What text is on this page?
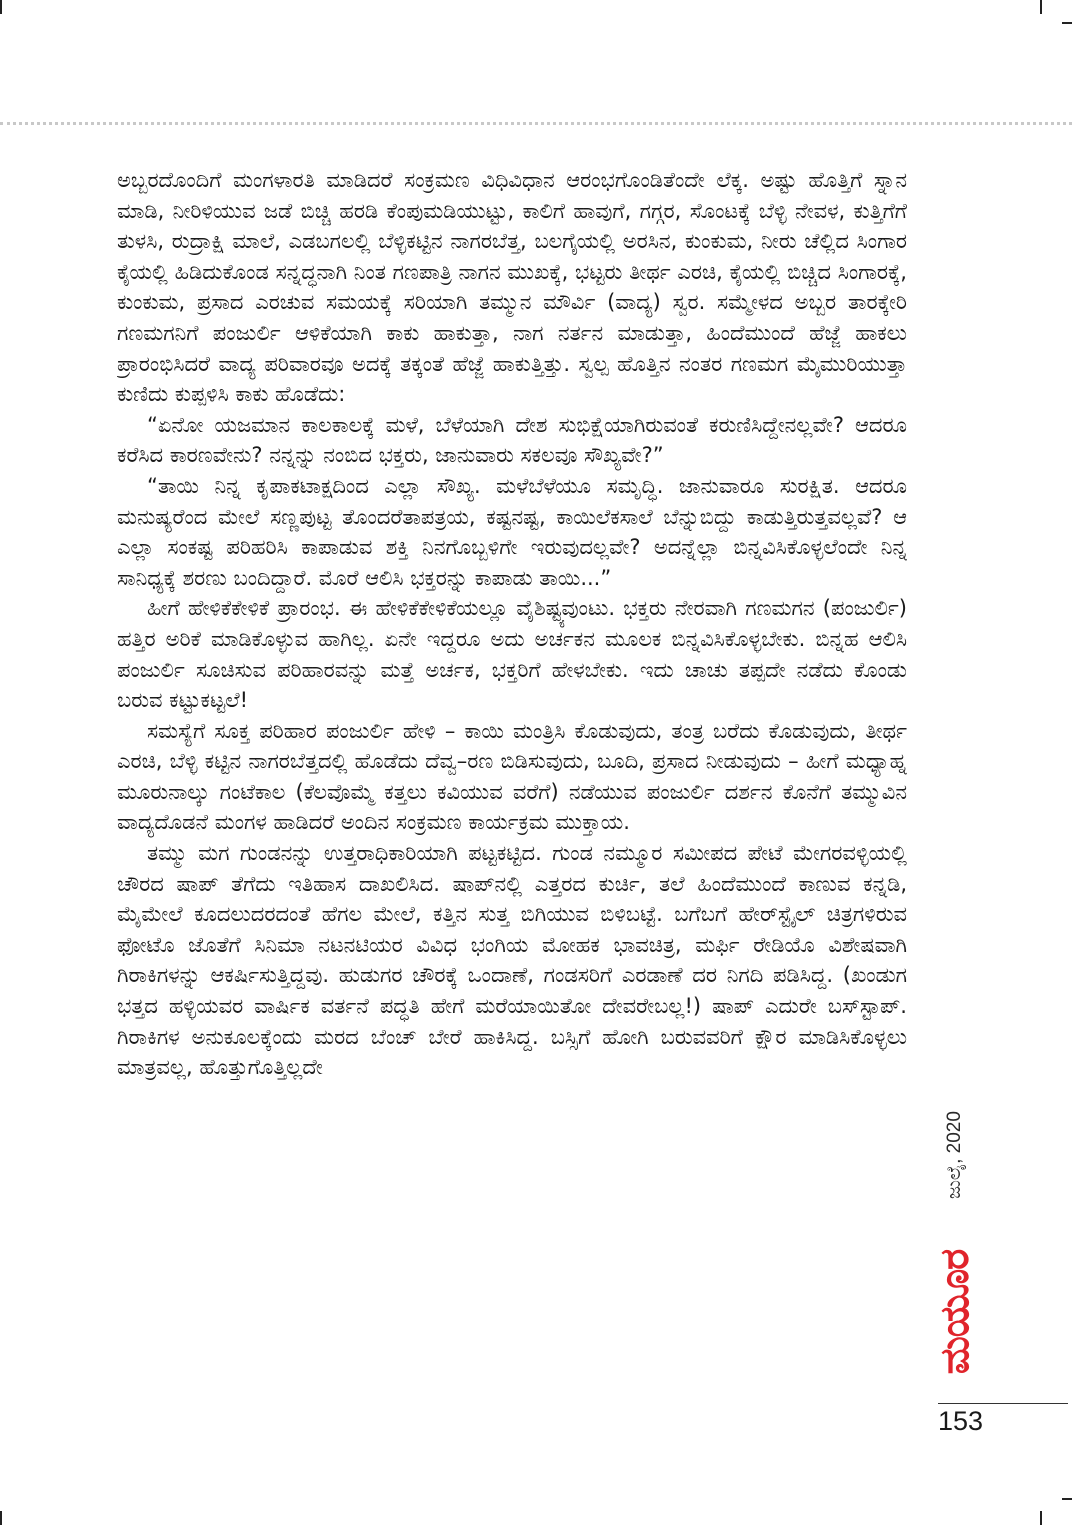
ಅಬ್ಬರದೊಂದಿಗೆ ಮಂಗಳಾರತಿ ಮಾಡಿದರೆ ಸಂಕ್ರಮಣ ವಿಧಿವಿಧಾನ ಆರಂಭಗೊಂಡಿತೆಂದೇ ಲೆಕ್ಕ. ಅಷ್ಟು ಹೊತ್ತಿಗೆ ಸ್ನಾನ ಮಾಡಿ, ನೀರಿಳಿಯುವ ಜಡೆ ಬಿಚ್ಚಿ ಹರಡಿ ಕೆಂಪುಮಡಿಯುಟ್ಟು, ಕಾಲಿಗೆ ಹಾವುಗೆ, ಗಗ್ಗರ, ಸೊಂಟಕ್ಕೆ ಬೆಳ್ಳಿ ನೇವಳ, ಕುತ್ತಿಗೆಗೆ ತುಳಸಿ, ರುದ್ರಾಕ್ಷಿ ಮಾಲೆ, ಎಡಬಗಲಲ್ಲಿ ಬೆಳ್ಳಿಕಟ್ಟಿನ ನಾಗರಬೆತ್ತ, ಬಲಗೈಯಲ್ಲಿ ಅರಸಿನ, ಕುಂಕುಮ, ನೀರು ಚೆಲ್ಲಿದ ಸಿಂಗಾರ ಕೈಯಲ್ಲಿ ಹಿಡಿದುಕೊಂಡ ಸನ್ನದ್ಧನಾಗಿ ನಿಂತ ಗಣಪಾತ್ರಿ ನಾಗನ ಮುಖಕ್ಕೆ, ಭಟ್ಟರು ತೀರ್ಥ ಎರಚಿ, ಕೈಯಲ್ಲಿ ಬಿಚ್ಚಿದ ಸಿಂಗಾರಕ್ಕೆ, ಕುಂಕುಮ, ಪ್ರಸಾದ ಎರಚುವ ಸಮಯಕ್ಕೆ ಸರಿಯಾಗಿ ತಮ್ಮುನ ಮೌರ್ವಿ (ವಾದ್ಯ) ಸ್ವರ. ಸಮ್ಮೇಳದ ಅಬ್ಬರ ತಾರಕ್ಕೇರಿ ಗಣಮಗನಿಗೆ ಪಂಜುರ್ಲಿ ಆಳಿಕೆಯಾಗಿ ಕಾಕು ಹಾಕುತ್ತಾ, ನಾಗ ನರ್ತನ ಮಾಡುತ್ತಾ, ಹಿಂದೆಮುಂದೆ ಹೆಜ್ಜೆ ಹಾಕಲು ಪ್ರಾರಂಭಿಸಿದರೆ ವಾದ್ಯ ಪರಿವಾರವೂ ಅದಕ್ಕೆ ತಕ್ಕಂತೆ ಹೆಜ್ಜೆ ಹಾಕುತ್ತಿತ್ತು. ಸ್ವಲ್ಪ ಹೊತ್ತಿನ ನಂತರ ಗಣಮಗ ಮೈಮುರಿಯುತ್ತಾ ಕುಣಿದು ಕುಪ್ಪಳಿಸಿ ಕಾಕು ಹೊಡೆದು:

“ಏನೋ ಯಜಮಾನ ಕಾಲಕಾಲಕ್ಕೆ ಮಳೆ, ಬೆಳೆಯಾಗಿ ದೇಶ ಸುಭಿಕ್ಷೆಯಾಗಿರುವಂತೆ ಕರುಣಿಸಿದ್ದೇನಲ್ಲವೇ? ಆದರೂ ಕರೆಸಿದ ಕಾರಣವೇನು? ನನ್ನನ್ನು ನಂಬಿದ ಭಕ್ತರು, ಜಾನುವಾರು ಸಕಲವೂ ಸೌಖ್ಯವೇ?”

“ತಾಯಿ ನಿನ್ನ ಕೃಪಾಕಟಾಕ್ಷದಿಂದ ಎಲ್ಲಾ ಸೌಖ್ಯ. ಮಳೆಬೆಳೆಯೂ ಸಮೃದ್ಧಿ. ಜಾನುವಾರೂ ಸುರಕ್ಷಿತ. ಆದರೂ ಮನುಷ್ಯರೆಂದ ಮೇಲೆ ಸಣ್ಣಪುಟ್ಟ ತೊಂದರೆತಾಪತ್ರಯ, ಕಷ್ಟನಷ್ಟ, ಕಾಯಿಲೆಕಸಾಲೆ ಬೆನ್ನುಬಿದ್ದು ಕಾಡುತ್ತಿರುತ್ತವಲ್ಲವೆ? ಆ ಎಲ್ಲಾ ಸಂಕಷ್ಟ ಪರಿಹರಿಸಿ ಕಾಪಾಡುವ ಶಕ್ತಿ ನಿನಗೊಬ್ಬಳಿಗೇ ಇರುವುದಲ್ಲವೇ? ಅದನ್ನೆಲ್ಲಾ ಬಿನ್ನವಿಸಿಕೊಳ್ಳಲೆಂದೇ ನಿನ್ನ ಸಾನಿಧ್ಯಕ್ಕೆ ಶರಣು ಬಂದಿದ್ದಾರೆ. ಮೊರೆ ಆಲಿಸಿ ಭಕ್ತರನ್ನು ಕಾಪಾಡು ತಾಯಿ...”

ಹೀಗೆ ಹೇಳಿಕೆಕೇಳಿಕೆ ಪ್ರಾರಂಭ. ಈ ಹೇಳಿಕೆಕೇಳಿಕೆಯಲ್ಲೂ ವೈಶಿಷ್ಟ್ಯವುಂಟು. ಭಕ್ತರು ನೇರವಾಗಿ ಗಣಮಗನ (ಪಂಜುರ್ಲಿ) ಹತ್ತಿರ ಅರಿಕೆ ಮಾಡಿಕೊಳ್ಳುವ ಹಾಗಿಲ್ಲ. ಏನೇ ಇದ್ದರೂ ಅದು ಅರ್ಚಕನ ಮೂಲಕ ಬಿನ್ನವಿಸಿಕೊಳ್ಳಬೇಕು. ಬಿನ್ನಹ ಆಲಿಸಿ ಪಂಜುರ್ಲಿ ಸೂಚಿಸುವ ಪರಿಹಾರವನ್ನು ಮತ್ತೆ ಅರ್ಚಕ, ಭಕ್ತರಿಗೆ ಹೇಳಬೇಕು. ಇದು ಚಾಚು ತಪ್ಪದೇ ನಡೆದು ಕೊಂಡು ಬರುವ ಕಟ್ಟುಕಟ್ಟಲೆ!

ಸಮಸ್ಯೆಗೆ ಸೂಕ್ತ ಪರಿಹಾರ ಪಂಜುರ್ಲಿ ಹೇಳಿ – ಕಾಯಿ ಮಂತ್ರಿಸಿ ಕೊಡುವುದು, ತಂತ್ರ ಬರೆದು ಕೊಡುವುದು, ತೀರ್ಥ ಎರಚಿ, ಬೆಳ್ಳಿ ಕಟ್ಟಿನ ನಾಗರಬೆತ್ತದಲ್ಲಿ ಹೊಡೆದು ದೆವ್ವ–ರಣ ಬಿಡಿಸುವುದು, ಬೂದಿ, ಪ್ರಸಾದ ನೀಡುವುದು – ಹೀಗೆ ಮಧ್ಯಾಹ್ನ ಮೂರುನಾಲ್ಕು ಗಂಟೆಕಾಲ (ಕೆಲವೊಮ್ಮೆ ಕತ್ತಲು ಕವಿಯುವ ವರೆಗೆ) ನಡೆಯುವ ಪಂಜುರ್ಲಿ ದರ್ಶನ ಕೊನೆಗೆ ತಮ್ಮುವಿನ ವಾದ್ಯದೊಡನೆ ಮಂಗಳ ಹಾಡಿದರೆ ಅಂದಿನ ಸಂಕ್ರಮಣ ಕಾರ್ಯಕ್ರಮ ಮುಕ್ತಾಯ.

ತಮ್ಮು ಮಗ ಗುಂಡನನ್ನು ಉತ್ತರಾಧಿಕಾರಿಯಾಗಿ ಪಟ್ಟಕಟ್ಟಿದ. ಗುಂಡ ನಮ್ಮೂರ ಸಮೀಪದ ಪೇಟೆ ಮೇಗರವಳ್ಳಿಯಲ್ಲಿ ಚೌರದ ಷಾಪ್ ತೆಗೆದು ಇತಿಹಾಸ ದಾಖಲಿಸಿದ. ಷಾಪ್‌ನಲ್ಲಿ ಎತ್ತರದ ಕುರ್ಚಿ, ತಲೆ ಹಿಂದೆಮುಂದೆ ಕಾಣುವ ಕನ್ನಡಿ, ಮೈಮೇಲೆ ಕೂದಲುದರದಂತೆ ಹೆಗಲ ಮೇಲೆ, ಕತ್ತಿನ ಸುತ್ತ ಬಿಗಿಯುವ ಬಿಳಿಬಟ್ಟೆ. ಬಗೆಬಗೆ ಹೇರ್‌ಸ್ಟೈಲ್ ಚಿತ್ರಗಳಿರುವ ಫೋಟೊ ಜೊತೆಗೆ ಸಿನಿಮಾ ನಟನಟಿಯರ ವಿವಿಧ ಭಂಗಿಯ ಮೋಹಕ ಭಾವಚಿತ್ರ, ಮರ್ಫಿ ರೇಡಿಯೊ ವಿಶೇಷವಾಗಿ ಗಿರಾಕಿಗಳನ್ನು ಆಕರ್ಷಿಸುತ್ತಿದ್ದವು. ಹುಡುಗರ ಚೌರಕ್ಕೆ ಒಂದಾಣೆ, ಗಂಡಸರಿಗೆ ಎರಡಾಣೆ ದರ ನಿಗದಿ ಪಡಿಸಿದ್ದ. (ಖಂಡುಗ ಭತ್ತದ ಹಳ್ಳಿಯವರ ವಾರ್ಷಿಕ ವರ್ತನೆ ಪದ್ಧತಿ ಹೇಗೆ ಮರೆಯಾಯಿತೋ ದೇವರೇಬಲ್ಲ!) ಷಾಪ್ ಎದುರೇ ಬಸ್‌ಸ್ಟಾಪ್. ಗಿರಾಕಿಗಳ ಅನುಕೂಲಕ್ಕೆಂದು ಮರದ ಬೆಂಚ್ ಬೇರೆ ಹಾಕಿಸಿದ್ದ. ಬಸ್ಸಿಗೆ ಹೋಗಿ ಬರುವವರಿಗೆ ಕ್ಷೌರ ಮಾಡಿಸಿಕೊಳ್ಳಲು ಮಾತ್ರವಲ್ಲ, ಹೊತ್ತುಗೊತ್ತಿಲ್ಲದೇ

ಜುಲೈ, 2020
ಮಯೂರ
153
